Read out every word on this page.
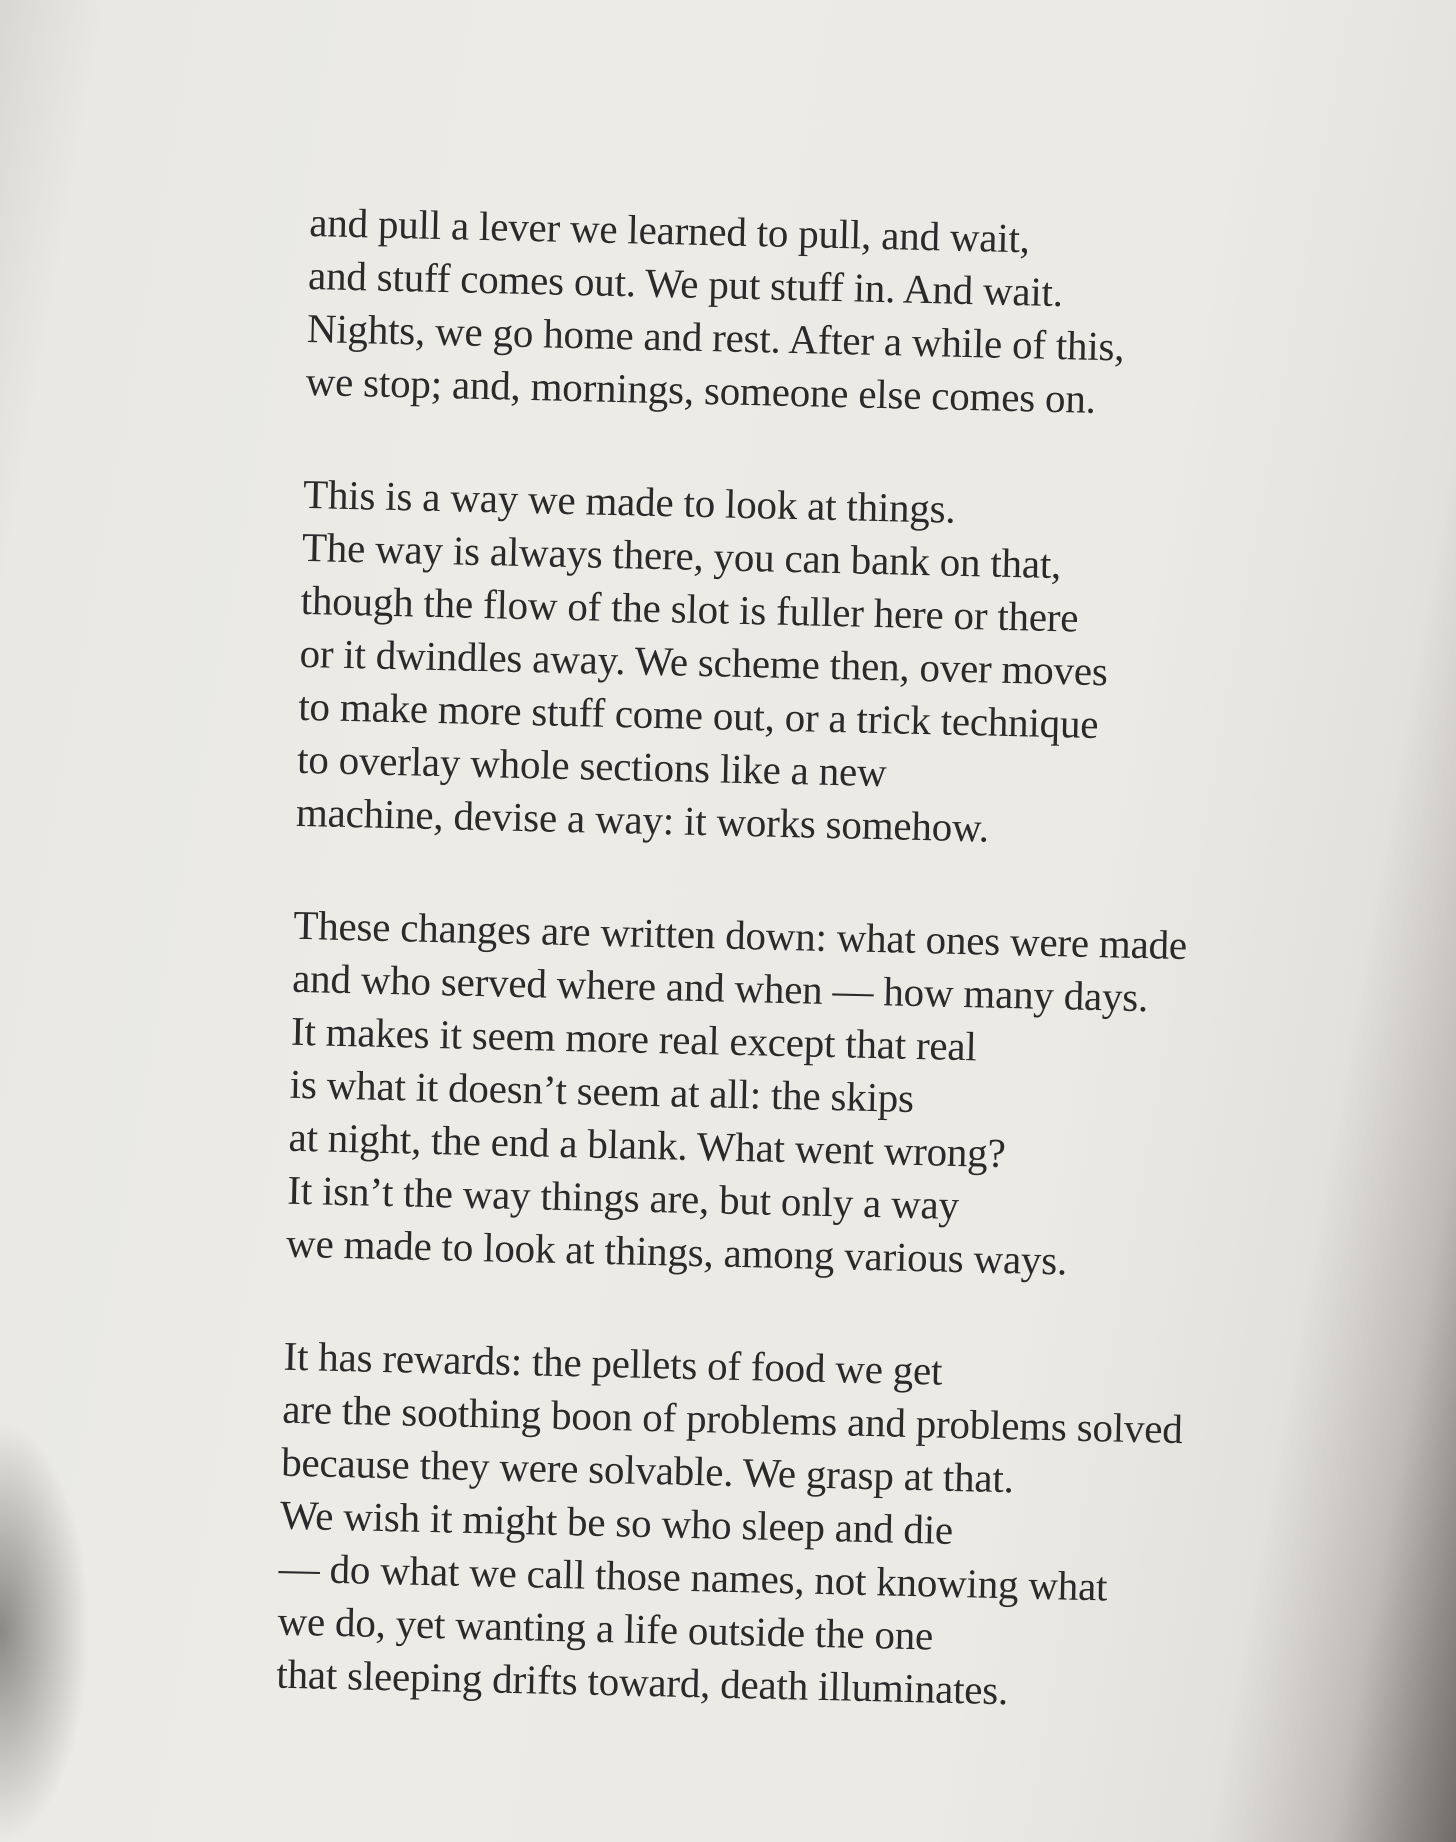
and pull a lever we learned to pull, and wait,
and stuff comes out. We put stuff in. And wait.
Nights, we go home and rest. After a while of this,
we stop; and, mornings, someone else comes on.
This is a way we made to look at things.
The way is always there, you can bank on that,
though the flow of the slot is fuller here or there
or it dwindles away. We scheme then, over moves
to make more stuff come out, or a trick technique
to overlay whole sections like a new
machine, devise a way: it works somehow.
These changes are written down: what ones were made
and who served where and when — how many days.
It makes it seem more real except that real
is what it doesn’t seem at all: the skips
at night, the end a blank. What went wrong?
It isn’t the way things are, but only a way
we made to look at things, among various ways.
It has rewards: the pellets of food we get
are the soothing boon of problems and problems solved
because they were solvable. We grasp at that.
We wish it might be so who sleep and die
— do what we call those names, not knowing what
we do, yet wanting a life outside the one
that sleeping drifts toward, death illuminates.
